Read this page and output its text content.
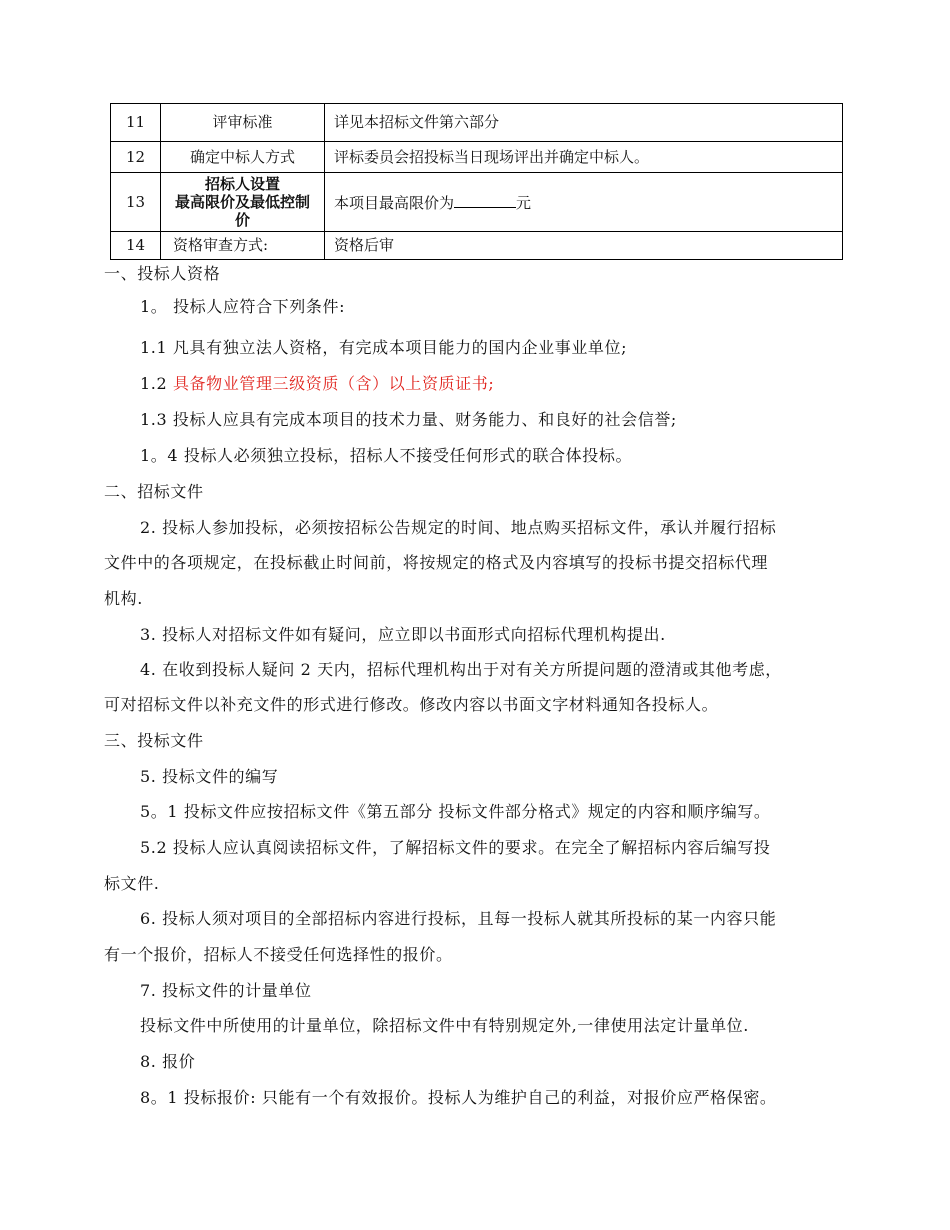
11	评审标准	详见本招标文件第六部分
12	确定中标人方式	评标委员会招投标当日现场评出并确定中标人。
13	招标人设置
最高限价及最低控制
价	本项目最高限价为 元
14	资格审查方式:	资格后审
一、投标人资格
1。 投标人应符合下列条件:
1.1 凡具有独立法人资格，有完成本项目能力的国内企业事业单位;
1.2 具备物业管理三级资质（含）以上资质证书;
1.3 投标人应具有完成本项目的技术力量、财务能力、和良好的社会信誉;
1。4 投标人必须独立投标，招标人不接受任何形式的联合体投标。
二、招标文件
2. 投标人参加投标，必须按招标公告规定的时间、地点购买招标文件，承认并履行招标
文件中的各项规定，在投标截止时间前，将按规定的格式及内容填写的投标书提交招标代理
机构.
3. 投标人对招标文件如有疑问，应立即以书面形式向招标代理机构提出.
4. 在收到投标人疑问 2 天内，招标代理机构出于对有关方所提问题的澄清或其他考虑，
可对招标文件以补充文件的形式进行修改。修改内容以书面文字材料通知各投标人。
三、投标文件
5. 投标文件的编写
5。1 投标文件应按招标文件《第五部分 投标文件部分格式》规定的内容和顺序编写。
5.2 投标人应认真阅读招标文件，了解招标文件的要求。在完全了解招标内容后编写投
标文件.
6. 投标人须对项目的全部招标内容进行投标，且每一投标人就其所投标的某一内容只能
有一个报价，招标人不接受任何选择性的报价。
7. 投标文件的计量单位
投标文件中所使用的计量单位，除招标文件中有特别规定外,一律使用法定计量单位.
8. 报价
8。1 投标报价: 只能有一个有效报价。投标人为维护自己的利益，对报价应严格保密。
